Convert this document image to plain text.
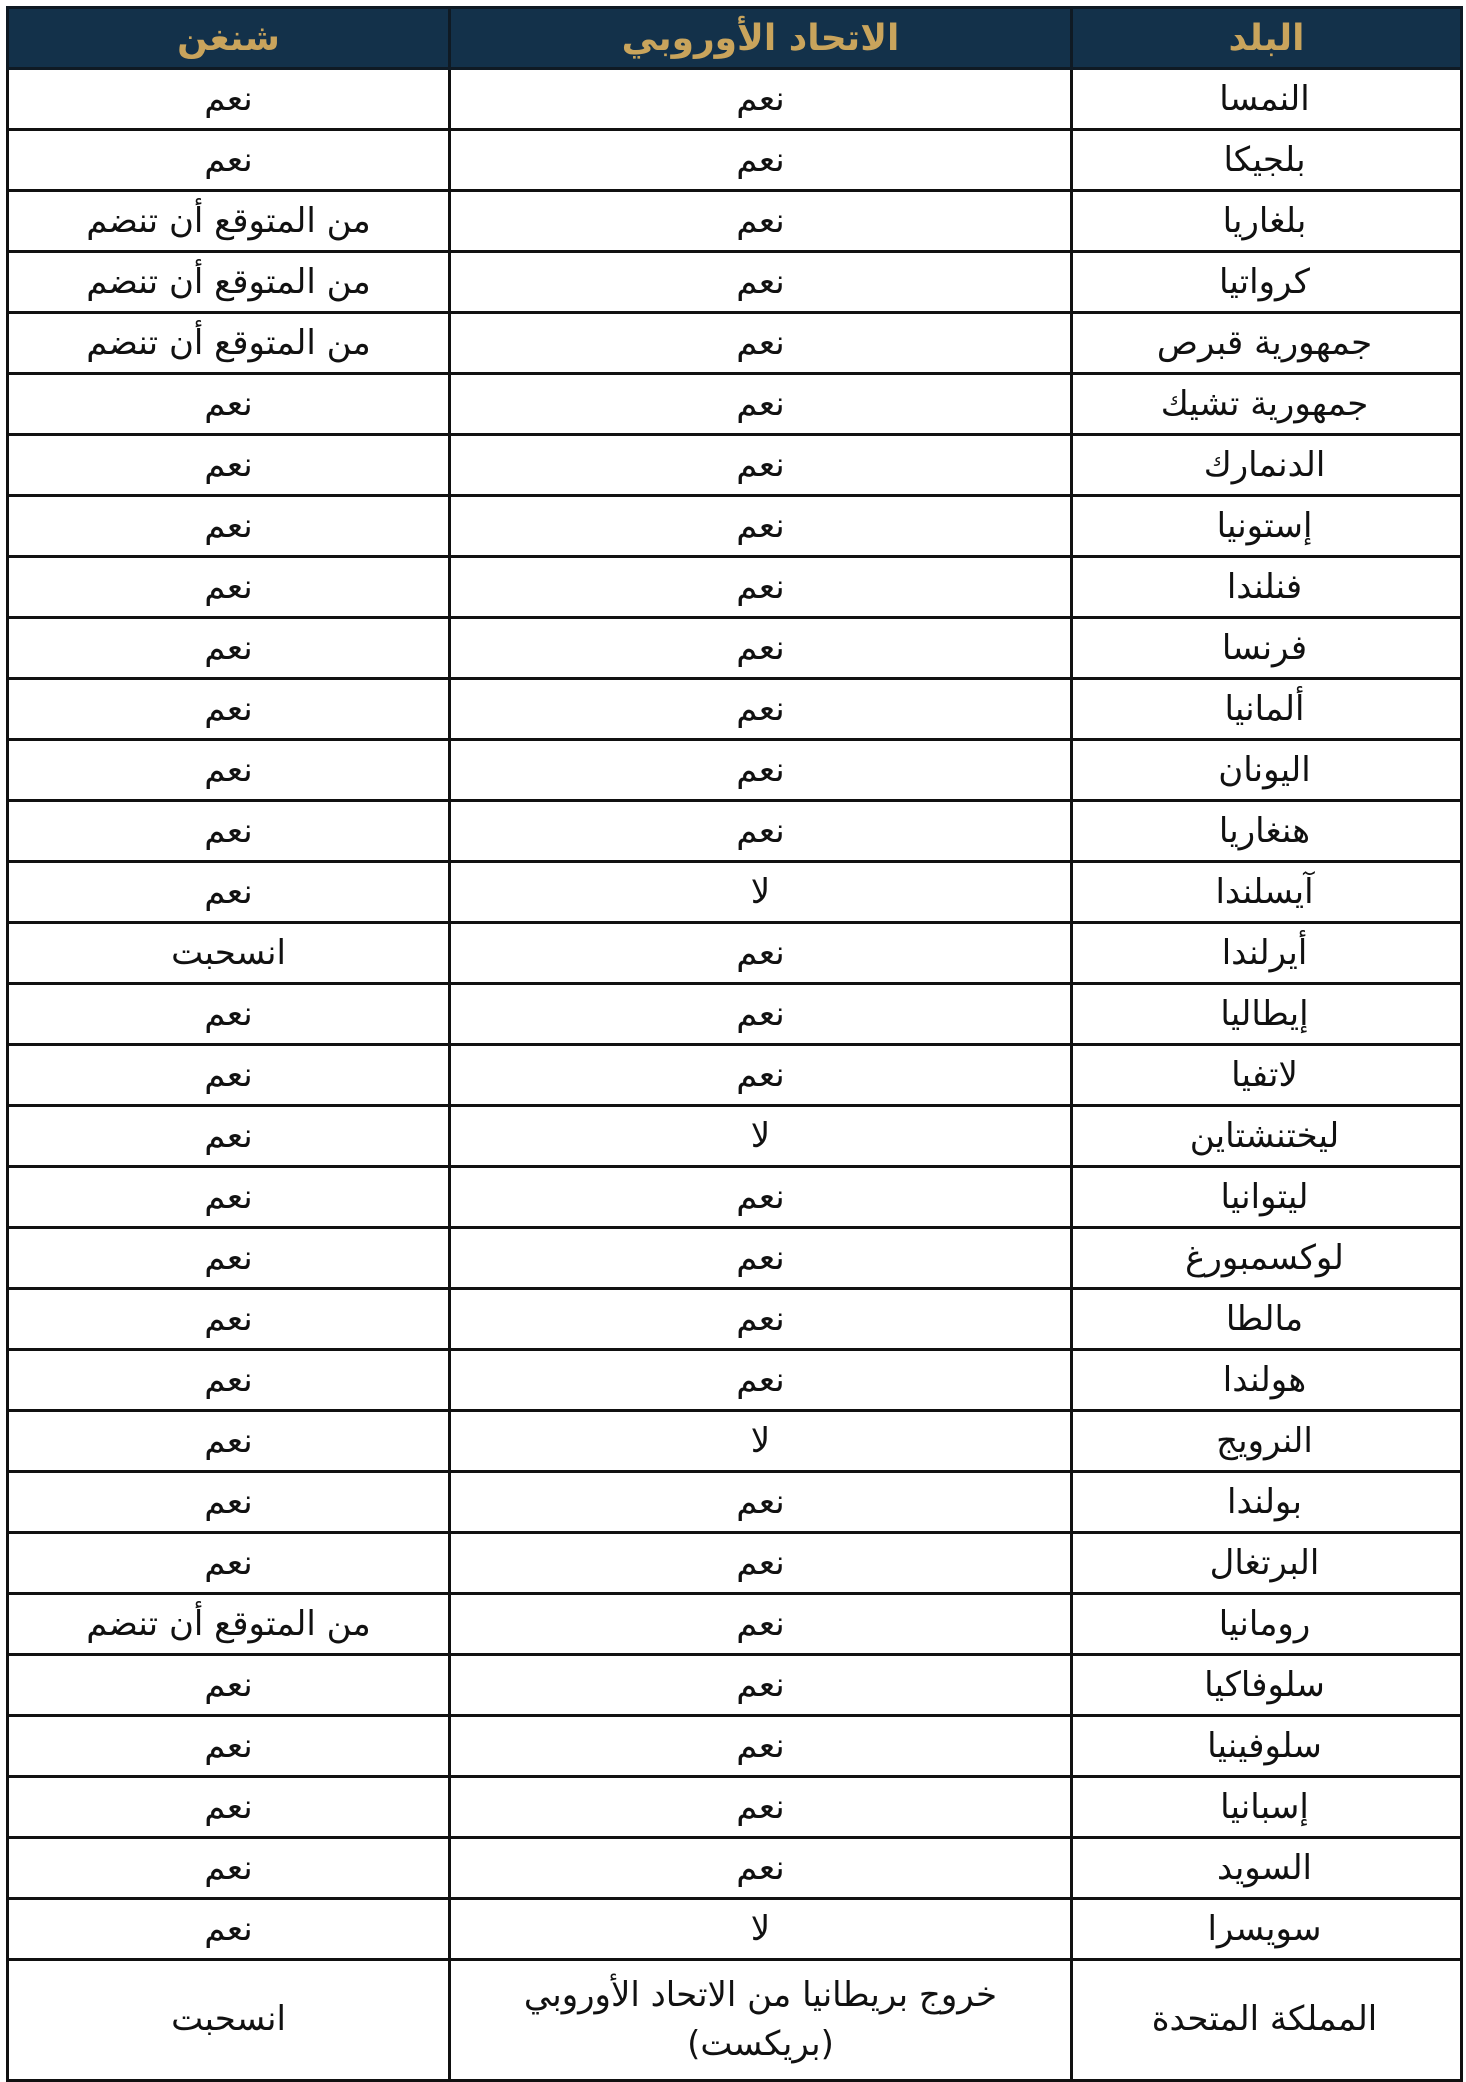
البلد	الاتحاد الأوروبي	شنغن
النمسا	نعم	نعم
بلجيكا	نعم	نعم
بلغاريا	نعم	من المتوقع أن تنضم
كرواتيا	نعم	من المتوقع أن تنضم
جمهورية قبرص	نعم	من المتوقع أن تنضم
جمهورية تشيك	نعم	نعم
الدنمارك	نعم	نعم
إستونيا	نعم	نعم
فنلندا	نعم	نعم
فرنسا	نعم	نعم
ألمانيا	نعم	نعم
اليونان	نعم	نعم
هنغاريا	نعم	نعم
آيسلندا	لا	نعم
أيرلندا	نعم	انسحبت
إيطاليا	نعم	نعم
لاتفيا	نعم	نعم
ليختنشتاين	لا	نعم
ليتوانيا	نعم	نعم
لوكسمبورغ	نعم	نعم
مالطا	نعم	نعم
هولندا	نعم	نعم
النرويج	لا	نعم
بولندا	نعم	نعم
البرتغال	نعم	نعم
رومانيا	نعم	من المتوقع أن تنضم
سلوفاكيا	نعم	نعم
سلوفينيا	نعم	نعم
إسبانيا	نعم	نعم
السويد	نعم	نعم
سويسرا	لا	نعم
المملكة المتحدة	خروج بريطانيا من الاتحاد الأوروبي (بريكست)	انسحبت
